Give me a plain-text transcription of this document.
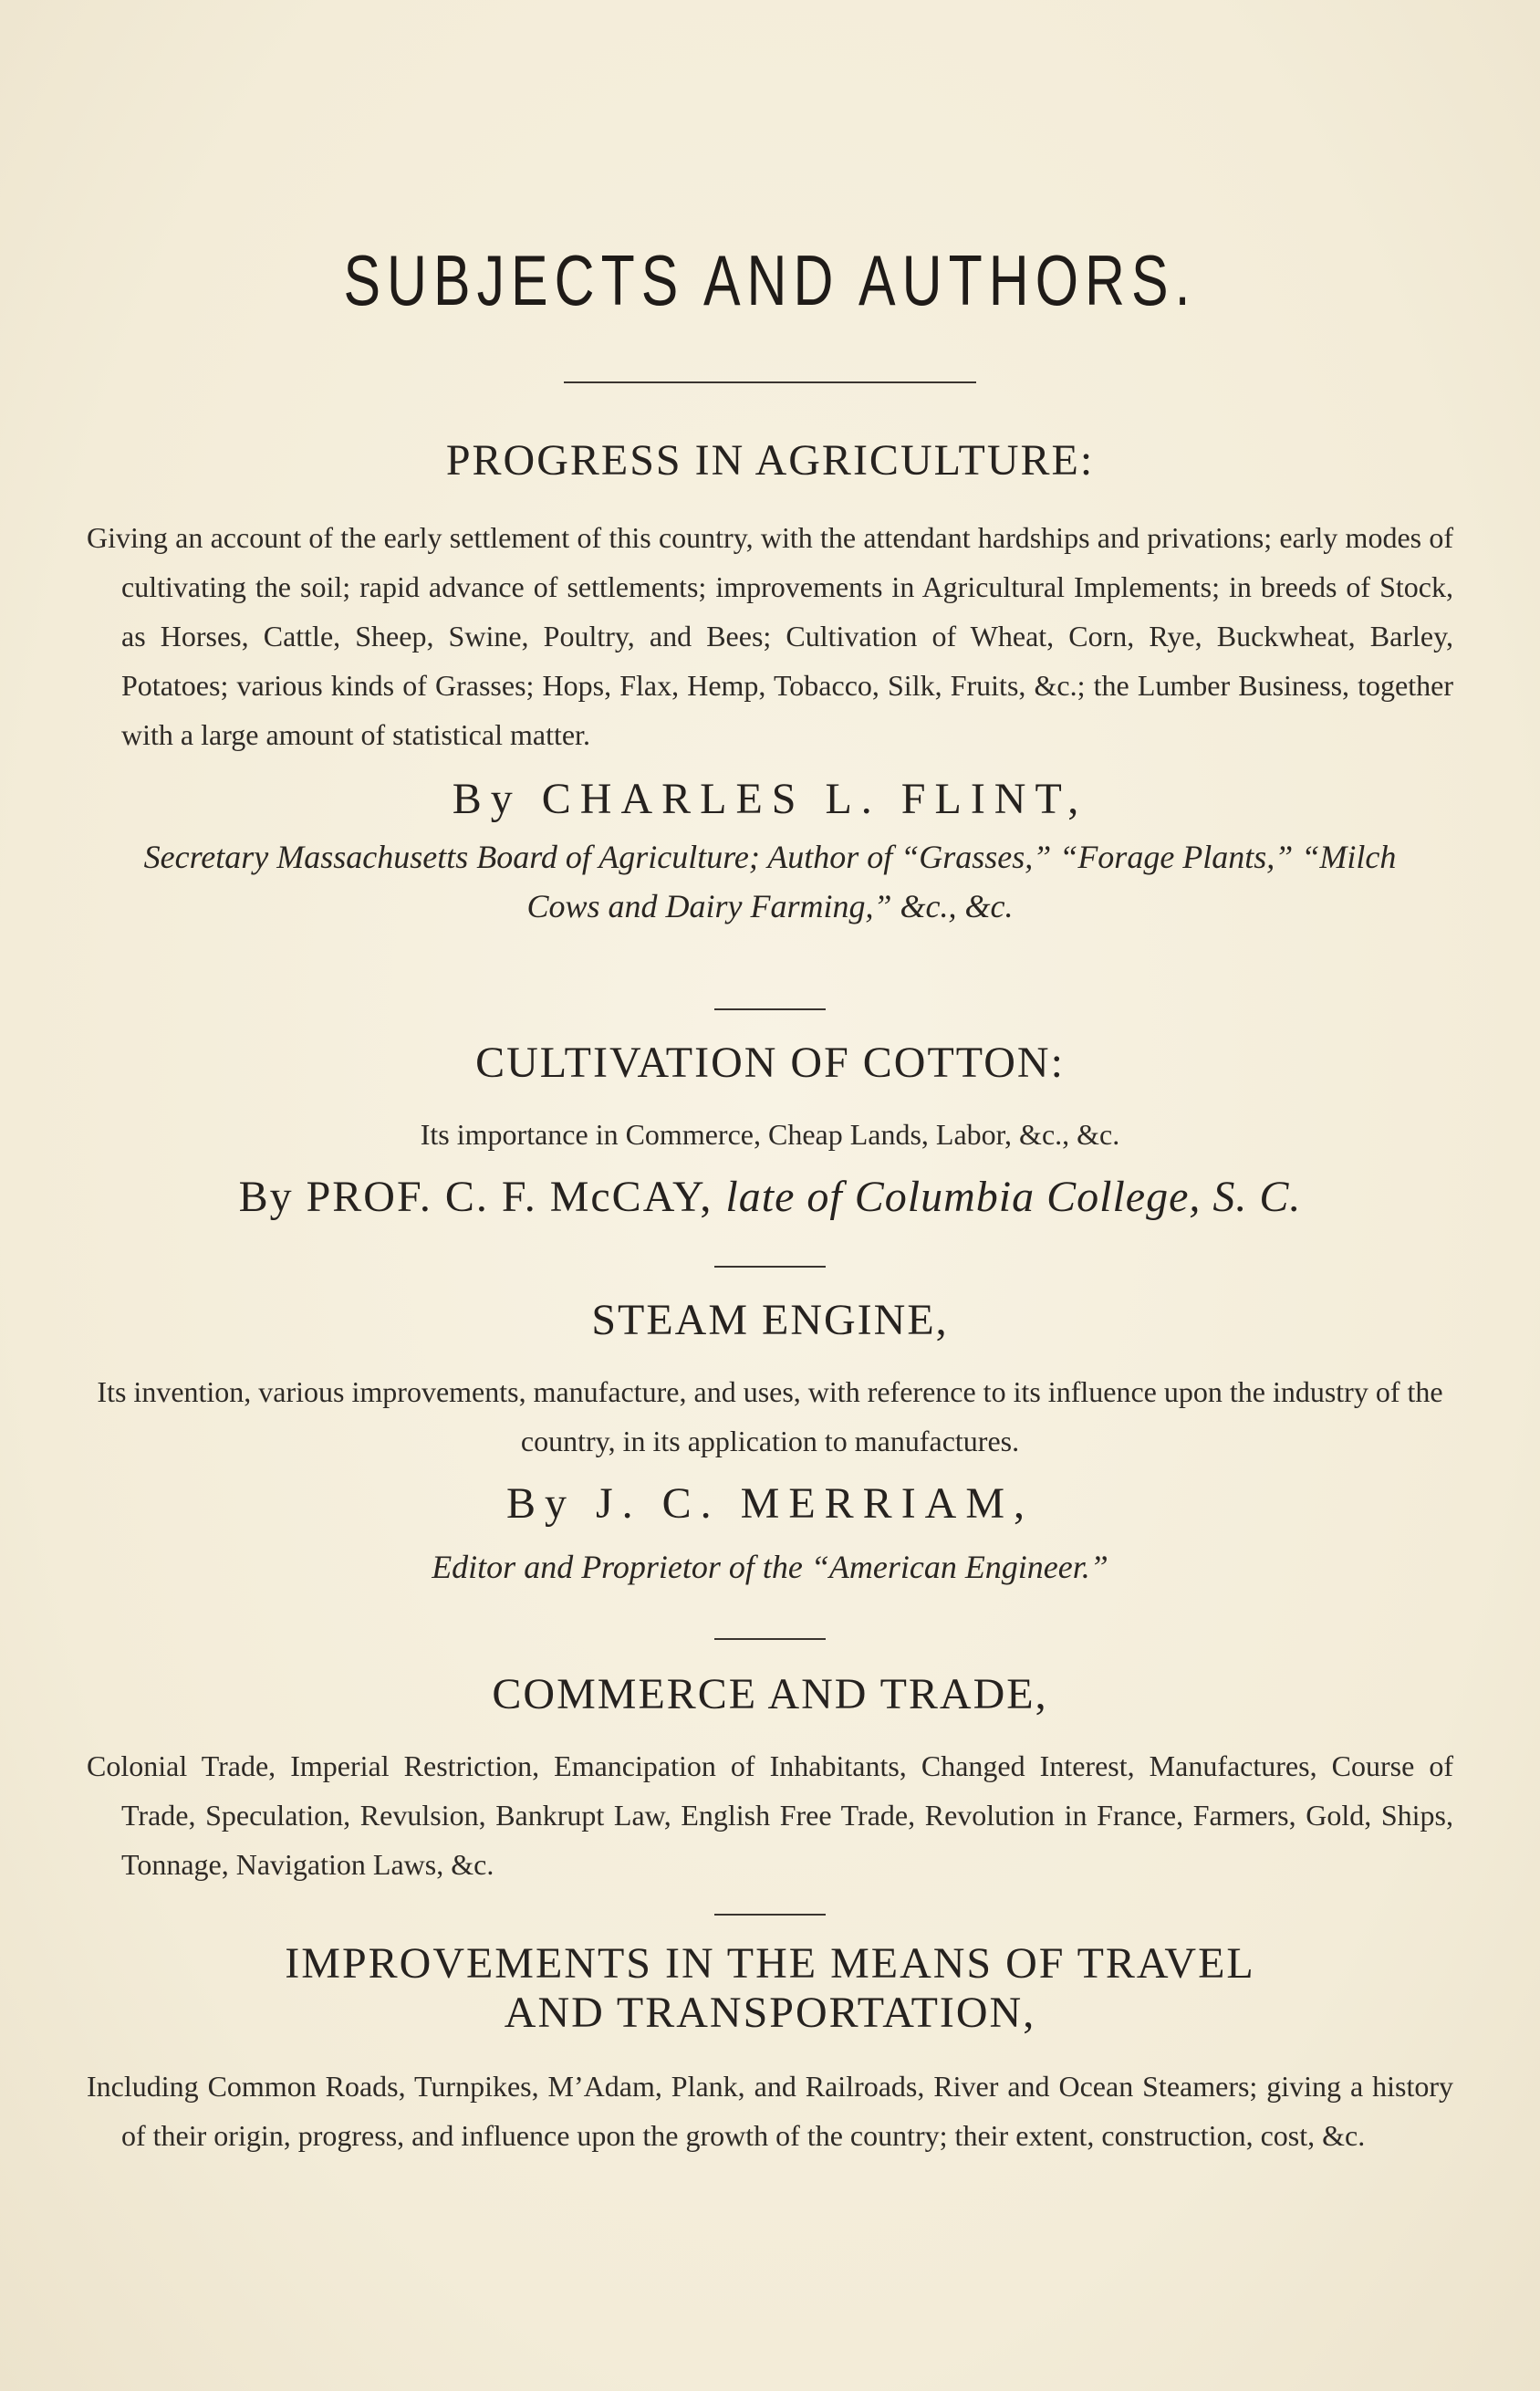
SUBJECTS AND AUTHORS.
PROGRESS IN AGRICULTURE:
Giving an account of the early settlement of this country, with the attendant hardships and privations; early modes of cultivating the soil; rapid advance of settlements; improvements in Agricultural Implements; in breeds of Stock, as Horses, Cattle, Sheep, Swine, Poultry, and Bees; Cultivation of Wheat, Corn, Rye, Buckwheat, Barley, Potatoes; various kinds of Grasses; Hops, Flax, Hemp, Tobacco, Silk, Fruits, &c.; the Lumber Business, together with a large amount of statistical matter.
By CHARLES L. FLINT,
Secretary Massachusetts Board of Agriculture; Author of “Grasses,” “Forage Plants,” “Milch Cows and Dairy Farming,” &c., &c.
CULTIVATION OF COTTON:
Its importance in Commerce, Cheap Lands, Labor, &c., &c.
By PROF. C. F. McCAY, late of Columbia College, S. C.
STEAM ENGINE,
Its invention, various improvements, manufacture, and uses, with reference to its influence upon the industry of the country, in its application to manufactures.
By J. C. MERRIAM,
Editor and Proprietor of the “American Engineer.”
COMMERCE AND TRADE,
Colonial Trade, Imperial Restriction, Emancipation of Inhabitants, Changed Interest, Manufactures, Course of Trade, Speculation, Revulsion, Bankrupt Law, English Free Trade, Revolution in France, Farmers, Gold, Ships, Tonnage, Navigation Laws, &c.
IMPROVEMENTS IN THE MEANS OF TRAVEL AND TRANSPORTATION,
Including Common Roads, Turnpikes, M’Adam, Plank, and Railroads, River and Ocean Steamers; giving a history of their origin, progress, and influence upon the growth of the country; their extent, construction, cost, &c.
